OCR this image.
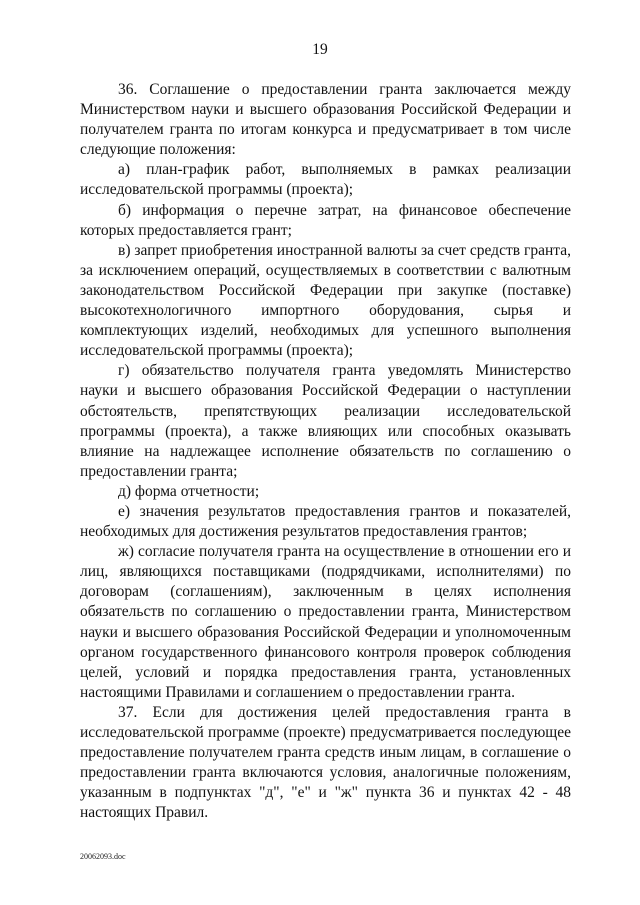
19

36. Соглашение о предоставлении гранта заключается между Министерством науки и высшего образования Российской Федерации и получателем гранта по итогам конкурса и предусматривает в том числе следующие положения:

а) план-график работ, выполняемых в рамках реализации исследовательской программы (проекта);

б) информация о перечне затрат, на финансовое обеспечение которых предоставляется грант;

в) запрет приобретения иностранной валюты за счет средств гранта, за исключением операций, осуществляемых в соответствии с валютным законодательством Российской Федерации при закупке (поставке) высокотехнологичного импортного оборудования, сырья и комплектующих изделий, необходимых для успешного выполнения исследовательской программы (проекта);

г) обязательство получателя гранта уведомлять Министерство науки и высшего образования Российской Федерации о наступлении обстоятельств, препятствующих реализации исследовательской программы (проекта), а также влияющих или способных оказывать влияние на надлежащее исполнение обязательств по соглашению о предоставлении гранта;

д) форма отчетности;

е) значения результатов предоставления грантов и показателей, необходимых для достижения результатов предоставления грантов;

ж) согласие получателя гранта на осуществление в отношении его и лиц, являющихся поставщиками (подрядчиками, исполнителями) по договорам (соглашениям), заключенным в целях исполнения обязательств по соглашению о предоставлении гранта, Министерством науки и высшего образования Российской Федерации и уполномоченным органом государственного финансового контроля проверок соблюдения целей, условий и порядка предоставления гранта, установленных настоящими Правилами и соглашением о предоставлении гранта.

37. Если для достижения целей предоставления гранта в исследовательской программе (проекте) предусматривается последующее предоставление получателем гранта средств иным лицам, в соглашение о предоставлении гранта включаются условия, аналогичные положениям, указанным в подпунктах "д", "е" и "ж" пункта 36 и пунктах 42 - 48 настоящих Правил.

20062093.doc
